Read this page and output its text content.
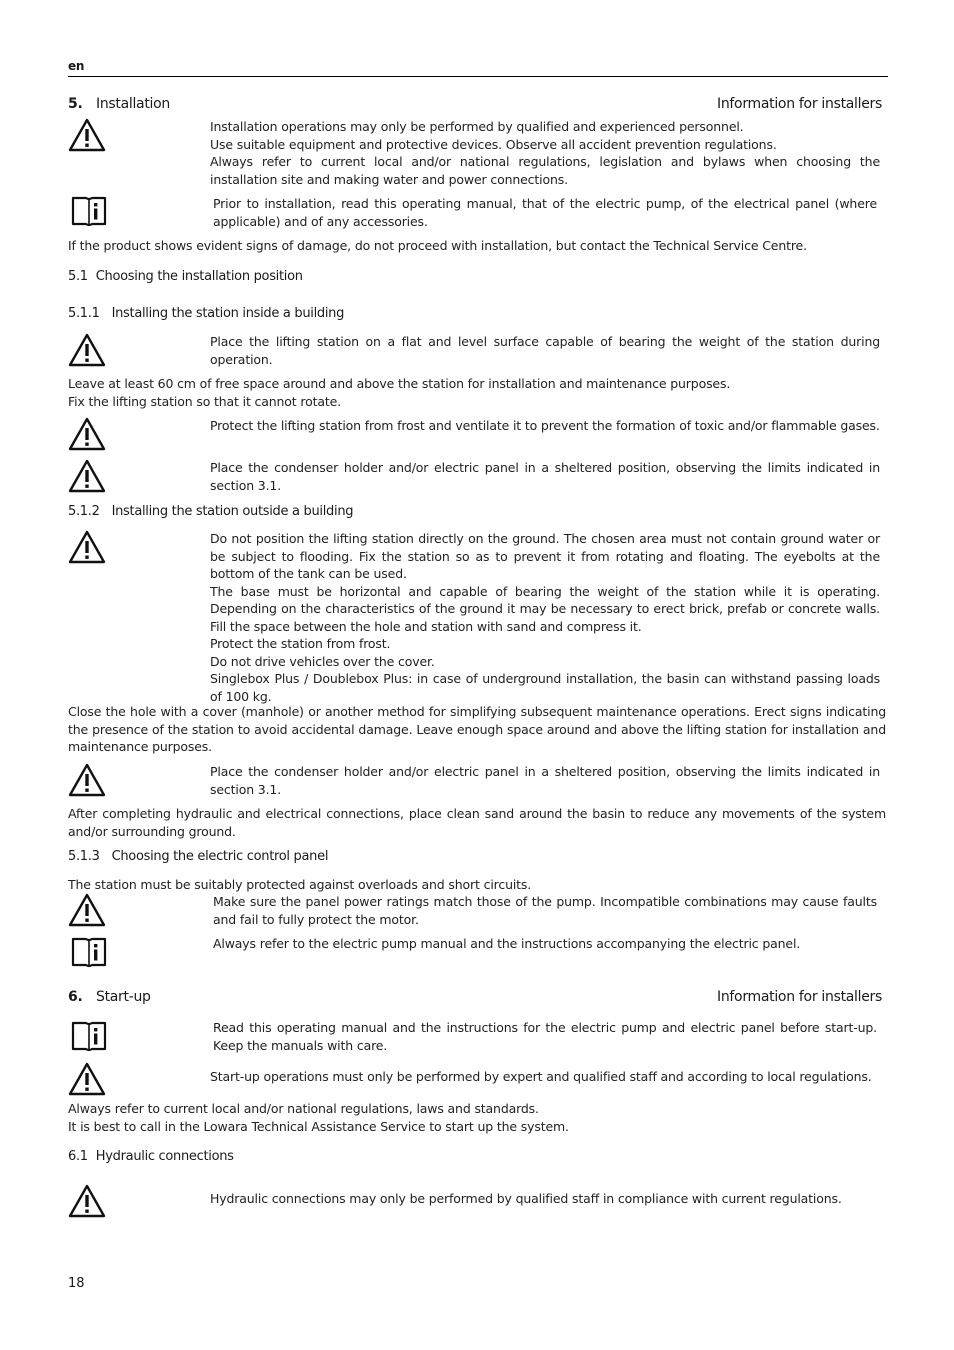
en
5. Installation	Information for installers
Installation operations may only be performed by qualified and experienced personnel.
Use suitable equipment and protective devices. Observe all accident prevention regulations.
Always refer to current local and/or national regulations, legislation and bylaws when choosing the installation site and making water and power connections.
Prior to installation, read this operating manual, that of the electric pump, of the electrical panel (where applicable) and of any accessories.
If the product shows evident signs of damage, do not proceed with installation, but contact the Technical Service Centre.
5.1 Choosing the installation position
5.1.1 Installing the station inside a building
Place the lifting station on a flat and level surface capable of bearing the weight of the station during operation.
Leave at least 60 cm of free space around and above the station for installation and maintenance purposes.
Fix the lifting station so that it cannot rotate.
Protect the lifting station from frost and ventilate it to prevent the formation of toxic and/or flammable gases.
Place the condenser holder and/or electric panel in a sheltered position, observing the limits indicated in section 3.1.
5.1.2 Installing the station outside a building
Do not position the lifting station directly on the ground. The chosen area must not contain ground water or be subject to flooding. Fix the station so as to prevent it from rotating and floating. The eyebolts at the bottom of the tank can be used.
The base must be horizontal and capable of bearing the weight of the station while it is operating. Depending on the characteristics of the ground it may be necessary to erect brick, prefab or concrete walls. Fill the space between the hole and station with sand and compress it.
Protect the station from frost.
Do not drive vehicles over the cover.
Singlebox Plus / Doublebox Plus: in case of underground installation, the basin can withstand passing loads of 100 kg.
Close the hole with a cover (manhole) or another method for simplifying subsequent maintenance operations. Erect signs indicating the presence of the station to avoid accidental damage. Leave enough space around and above the lifting station for installation and maintenance purposes.
Place the condenser holder and/or electric panel in a sheltered position, observing the limits indicated in section 3.1.
After completing hydraulic and electrical connections, place clean sand around the basin to reduce any movements of the system and/or surrounding ground.
5.1.3 Choosing the electric control panel
The station must be suitably protected against overloads and short circuits.
Make sure the panel power ratings match those of the pump. Incompatible combinations may cause faults and fail to fully protect the motor.
Always refer to the electric pump manual and the instructions accompanying the electric panel.
6. Start-up	Information for installers
Read this operating manual and the instructions for the electric pump and electric panel before start-up. Keep the manuals with care.
Start-up operations must only be performed by expert and qualified staff and according to local regulations.
Always refer to current local and/or national regulations, laws and standards.
It is best to call in the Lowara Technical Assistance Service to start up the system.
6.1 Hydraulic connections
Hydraulic connections may only be performed by qualified staff in compliance with current regulations.
18
